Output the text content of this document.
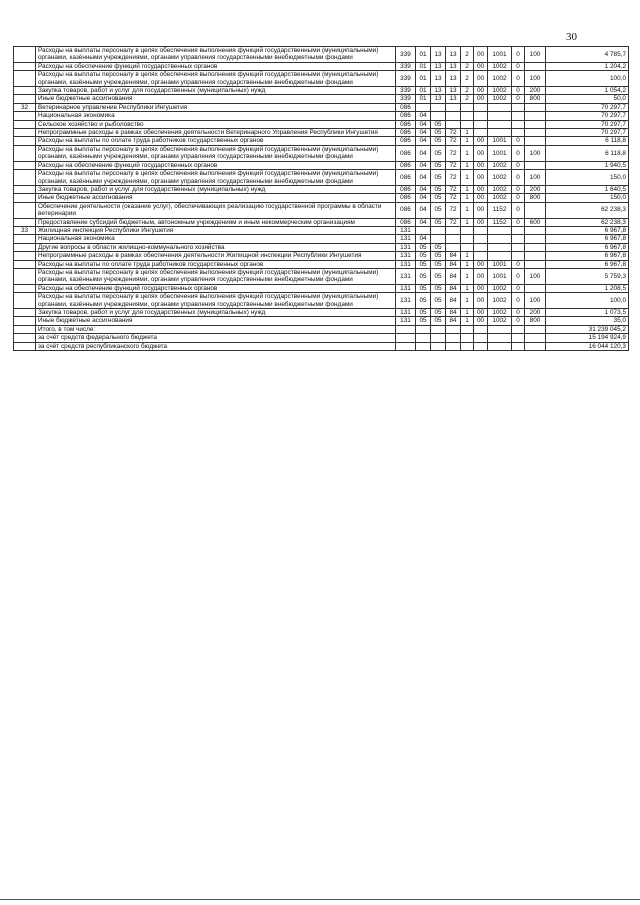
30
	Расходы на выплаты персоналу в целях обеспечения выполнения функций государственными (муниципальными) органами, казёнными учреждениями, органами управления государственными внебюджетными фондами	339	01	13	13	2	00	1001	0	100	4 785,7
	Расходы на обеспечение функций государственных органов	339	01	13	13	2	00	1002	0		1 204,2
	Расходы на выплаты персоналу в целях обеспечения выполнения функций государственными (муниципальными) органами, казёнными учреждениями, органами управления государственными внебюджетными фондами	339	01	13	13	2	00	1002	0	100	100,0
	Закупка товаров, работ и услуг для государственных (муниципальных) нужд	339	01	13	13	2	00	1002	0	200	1 054,2
	Иные бюджетные ассигнования	339	01	13	13	2	00	1002	0	800	50,0
32	Ветеринарное управление Республики Ингушетия	086									70 297,7
	Национальная экономика	086	04								70 297,7
	Сельское хозяйство и рыболовство	086	04	05							70 297,7
	Непрограммные расходы в рамках обеспечения деятельности Ветеринарного Управления Республики Ингушетия	086	04	05	72	1					70 297,7
	Расходы на выплаты по оплате труда работников государственных органов	086	04	05	72	1	00	1001	0		6 118,8
	Расходы на выплаты персоналу в целях обеспечения выполнения функций государственными (муниципальными) органами, казёнными учреждениями, органами управления государственными внебюджетными фондами	086	04	05	72	1	00	1001	0	100	6 118,8
	Расходы на обеспечение функций государственных органов	086	04	05	72	1	00	1002	0		1 940,5
	Расходы на выплаты персоналу в целях обеспечения выполнения функций государственными (муниципальными) органами, казёнными учреждениями, органами управления государственными внебюджетными фондами	086	04	05	72	1	00	1002	0	100	150,0
	Закупка товаров, работ и услуг для государственных (муниципальных) нужд	086	04	05	72	1	00	1002	0	200	1 640,5
	Иные бюджетные ассигнования	086	04	05	72	1	00	1002	0	800	150,0
	Обеспечение деятельности (оказание услуг), обеспечивающих реализацию государственной программы в области ветеринарии	086	04	05	72	1	00	1152	0		62 238,3
	Предоставление субсидий бюджетным, автономным учреждениям и иным некоммерческим организациям	086	04	05	72	1	00	1152	0	600	62 238,3
33	Жилищная инспекция Республики Ингушетия	131									6 967,8
	Национальная экономика	131	04								6 967,8
	Другие вопросы в области жилищно-коммунального хозяйства	131	05	05							6 967,8
	Непрограммные расходы в рамках обеспечения деятельности Жилищной инспекции Республики Ингушетия	131	05	05	84	1					6 967,8
	Расходы на выплаты по оплате труда работников государственных органов	131	05	05	84	1	00	1001	0		6 967,8
	Расходы на выплаты персоналу в целях обеспечения выполнения функций государственными (муниципальными) органами, казёнными учреждениями, органами управления государственными внебюджетными фондами	131	05	05	84	1	00	1001	0	100	5 759,3
	Расходы на обеспечение функций государственных органов	131	05	05	84	1	00	1002	0		1 208,5
	Расходы на выплаты персоналу в целях обеспечения выполнения функций государственными (муниципальными) органами, казёнными учреждениями, органами управления государственными внебюджетными фондами	131	05	05	84	1	00	1002	0	100	100,0
	Закупка товаров, работ и услуг для государственных (муниципальных) нужд	131	05	05	84	1	00	1002	0	200	1 073,5
	Иные бюджетные ассигнования	131	05	05	84	1	00	1002	0	800	35,0
	Итого, в том числе:										31 239 045,2
	за счёт средств федерального бюджета										15 194 924,9
	за счёт средств республиканского бюджета										16 044 120,3
